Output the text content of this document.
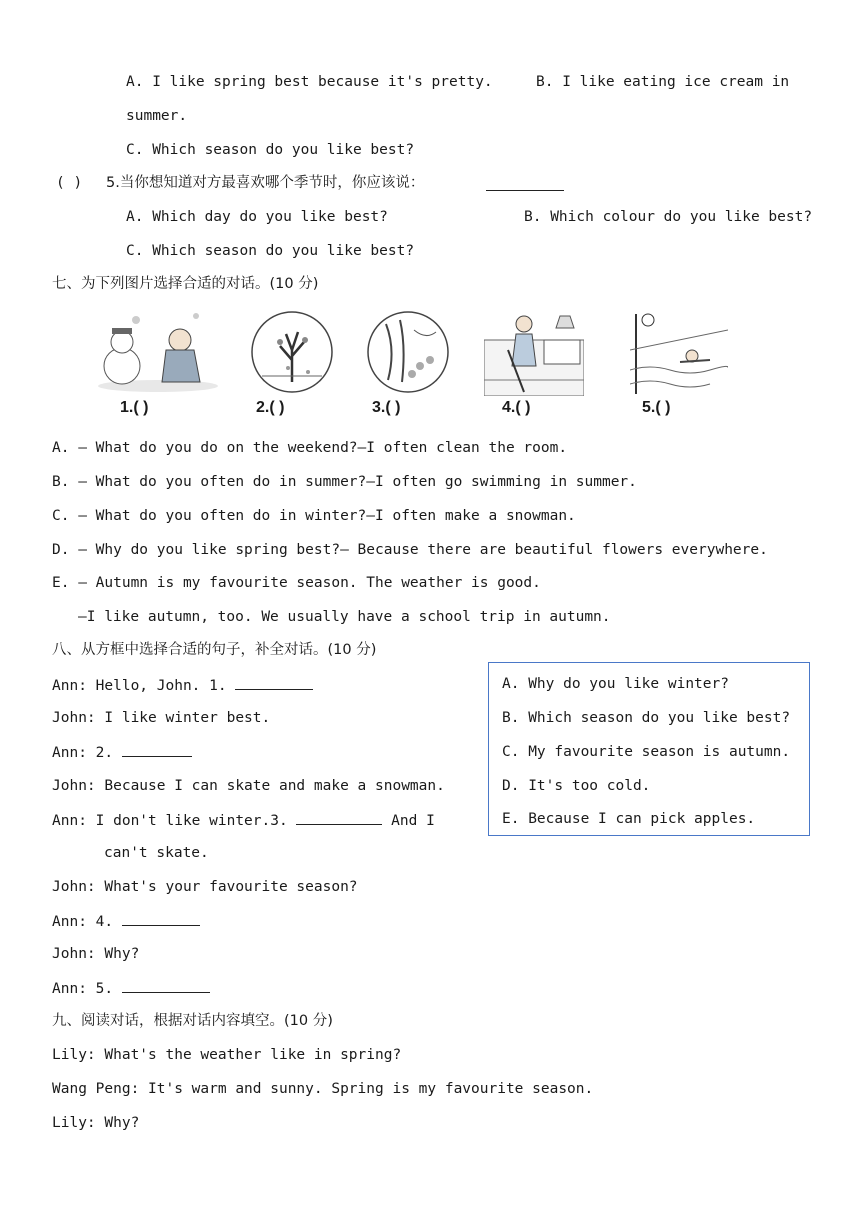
A. I like spring best because it's pretty.	B. I like eating ice cream in
summer.
C. Which season do you like best?
( ) 5.当你想知道对方最喜欢哪个季节时，你应该说：
A. Which day do you like best?	B. Which colour do you like best?
C. Which season do you like best?
七、为下列图片选择合适的对话。(10 分)
1.( )	2.( )	3.( )	4.( )	5.( )
A. — What do you do on the weekend?—I often clean the room.
B. — What do you often do in summer?—I often go swimming in summer.
C. — What do you often do in winter?—I often make a snowman.
D. — Why do you like spring best?— Because there are beautiful flowers everywhere.
E. — Autumn is my favourite season. The weather is good.
—I like autumn, too. We usually have a school trip in autumn.
八、从方框中选择合适的句子，补全对话。(10 分)
Ann: Hello, John. 1.
John: I like winter best.
Ann: 2.
John: Because I can skate and make a snowman.
Ann: I don't like winter.3.	And I
can't skate.
John: What's your favourite season?
Ann: 4.
John: Why?
Ann: 5.
A. Why do you like winter?
B. Which season do you like best?
C. My favourite season is autumn.
D. It's too cold.
E. Because I can pick apples.
九、阅读对话，根据对话内容填空。(10 分)
Lily: What's the weather like in spring?
Wang Peng: It's warm and sunny. Spring is my favourite season.
Lily: Why?
